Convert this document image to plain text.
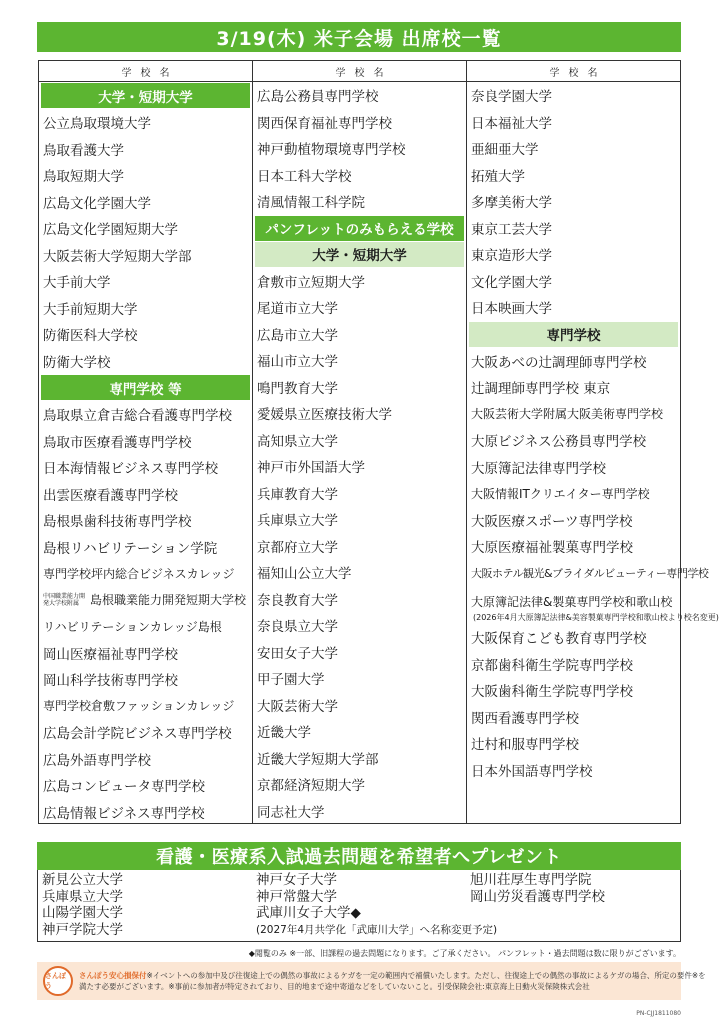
3/19(木) 米子会場 出席校一覧
学校名
大学・短期大学
公立鳥取環境大学
鳥取看護大学
鳥取短期大学
広島文化学園大学
広島文化学園短期大学
大阪芸術大学短期大学部
大手前大学
大手前短期大学
防衛医科大学校
防衛大学校
専門学校 等
鳥取県立倉吉総合看護専門学校
鳥取市医療看護専門学校
日本海情報ビジネス専門学校
出雲医療看護専門学校
島根県歯科技術専門学校
島根リハビリテーション学院
専門学校坪内総合ビジネスカレッジ
中国職業能力開発大学校附属 島根職業能力開発短期大学校
リハビリテーションカレッジ島根
岡山医療福祉専門学校
岡山科学技術専門学校
専門学校倉敷ファッションカレッジ
広島会計学院ビジネス専門学校
広島外語専門学校
広島コンピュータ専門学校
広島情報ビジネス専門学校
学校名
広島公務員専門学校
関西保育福祉専門学校
神戸動植物環境専門学校
日本工科大学校
清風情報工科学院
パンフレットのみもらえる学校
大学・短期大学
倉敷市立短期大学
尾道市立大学
広島市立大学
福山市立大学
鳴門教育大学
愛媛県立医療技術大学
高知県立大学
神戸市外国語大学
兵庫教育大学
兵庫県立大学
京都府立大学
福知山公立大学
奈良教育大学
奈良県立大学
安田女子大学
甲子園大学
大阪芸術大学
近畿大学
近畿大学短期大学部
京都経済短期大学
同志社大学
学校名
奈良学園大学
日本福祉大学
亜細亜大学
拓殖大学
多摩美術大学
東京工芸大学
東京造形大学
文化学園大学
日本映画大学
専門学校
大阪あべの辻調理師専門学校
辻調理師専門学校 東京
大阪芸術大学附属大阪美術専門学校
大原ビジネス公務員専門学校
大原簿記法律専門学校
大阪情報ITクリエイター専門学校
大阪医療スポーツ専門学校
大原医療福祉製菓専門学校
大阪ホテル観光&ブライダルビューティー専門学校
大原簿記法律&製菓専門学校和歌山校
(2026年4月大原簿記法律&美容製菓専門学校和歌山校より校名変更)
大阪保育こども教育専門学校
京都歯科衛生学院専門学校
大阪歯科衛生学院専門学校
関西看護専門学校
辻村和服専門学校
日本外国語専門学校
看護・医療系入試過去問題を希望者へプレゼント
新見公立大学
兵庫県立大学
山陽学園大学
神戸学院大学
神戸女子大学
神戸常盤大学
武庫川女子大学◆
(2027年4月共学化「武庫川大学」へ名称変更予定)
旭川荘厚生専門学院
岡山労災看護専門学校
◆閲覧のみ ※一部、旧課程の過去問題になります。ご了承ください。 パンフレット・過去問題は数に限りがございます。
さんぽう
さんぽう安心損保付※イベントへの参加中及び往復途上での偶然の事故によるケガを一定の範囲内で補償いたします。ただし、往復途上での偶然の事故によるケガの場合、所定の要件※を
満たす必要がございます。※事前に参加者が特定されており、目的地まで途中寄道などをしていないこと。引受保険会社:東京海上日動火災保険株式会社
PN-CJJ1811080
